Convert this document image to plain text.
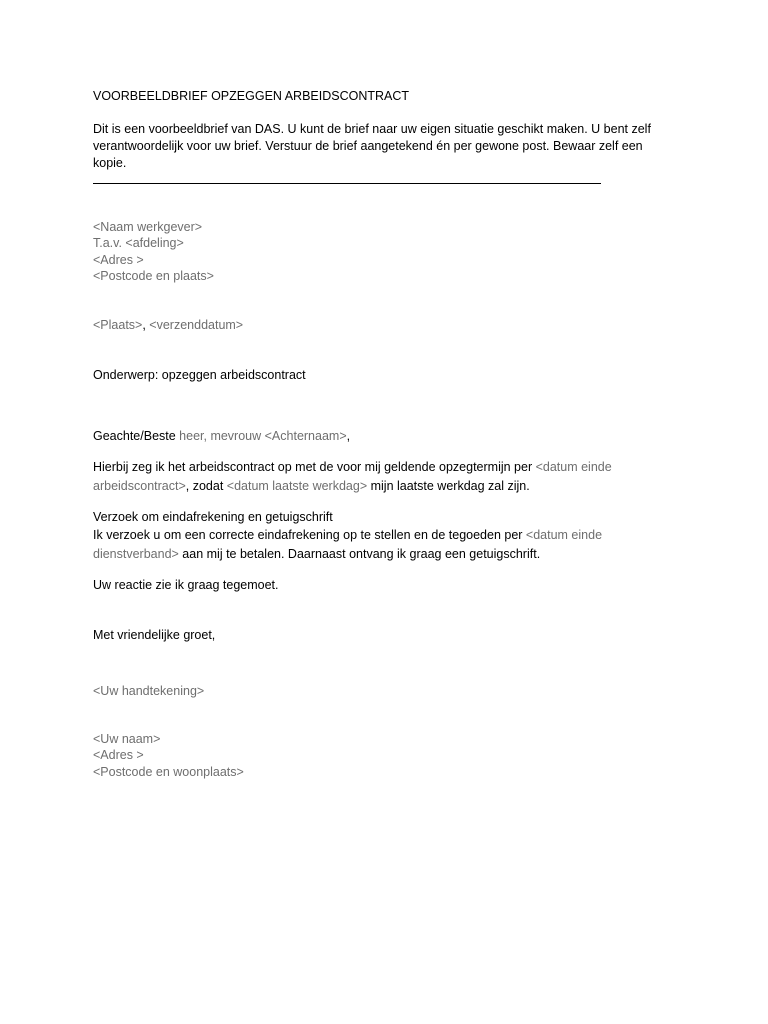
VOORBEELDBRIEF OPZEGGEN ARBEIDSCONTRACT
Dit is een voorbeeldbrief van DAS. U kunt de brief naar uw eigen situatie geschikt maken. U bent zelf
verantwoordelijk voor uw brief. Verstuur de brief aangetekend én per gewone post. Bewaar zelf een
kopie.
<Naam werkgever>
T.a.v. <afdeling>
<Adres >
<Postcode en plaats>
<Plaats>, <verzenddatum>
Onderwerp: opzeggen arbeidscontract
Geachte/Beste heer, mevrouw <Achternaam>,
Hierbij zeg ik het arbeidscontract op met de voor mij geldende opzegtermijn per <datum einde
arbeidscontract>, zodat <datum laatste werkdag> mijn laatste werkdag zal zijn.
Verzoek om eindafrekening en getuigschrift
Ik verzoek u om een correcte eindafrekening op te stellen en de tegoeden per <datum einde
dienstverband> aan mij te betalen. Daarnaast ontvang ik graag een getuigschrift.
Uw reactie zie ik graag tegemoet.
Met vriendelijke groet,
<Uw handtekening>
<Uw naam>
<Adres >
<Postcode en woonplaats>
